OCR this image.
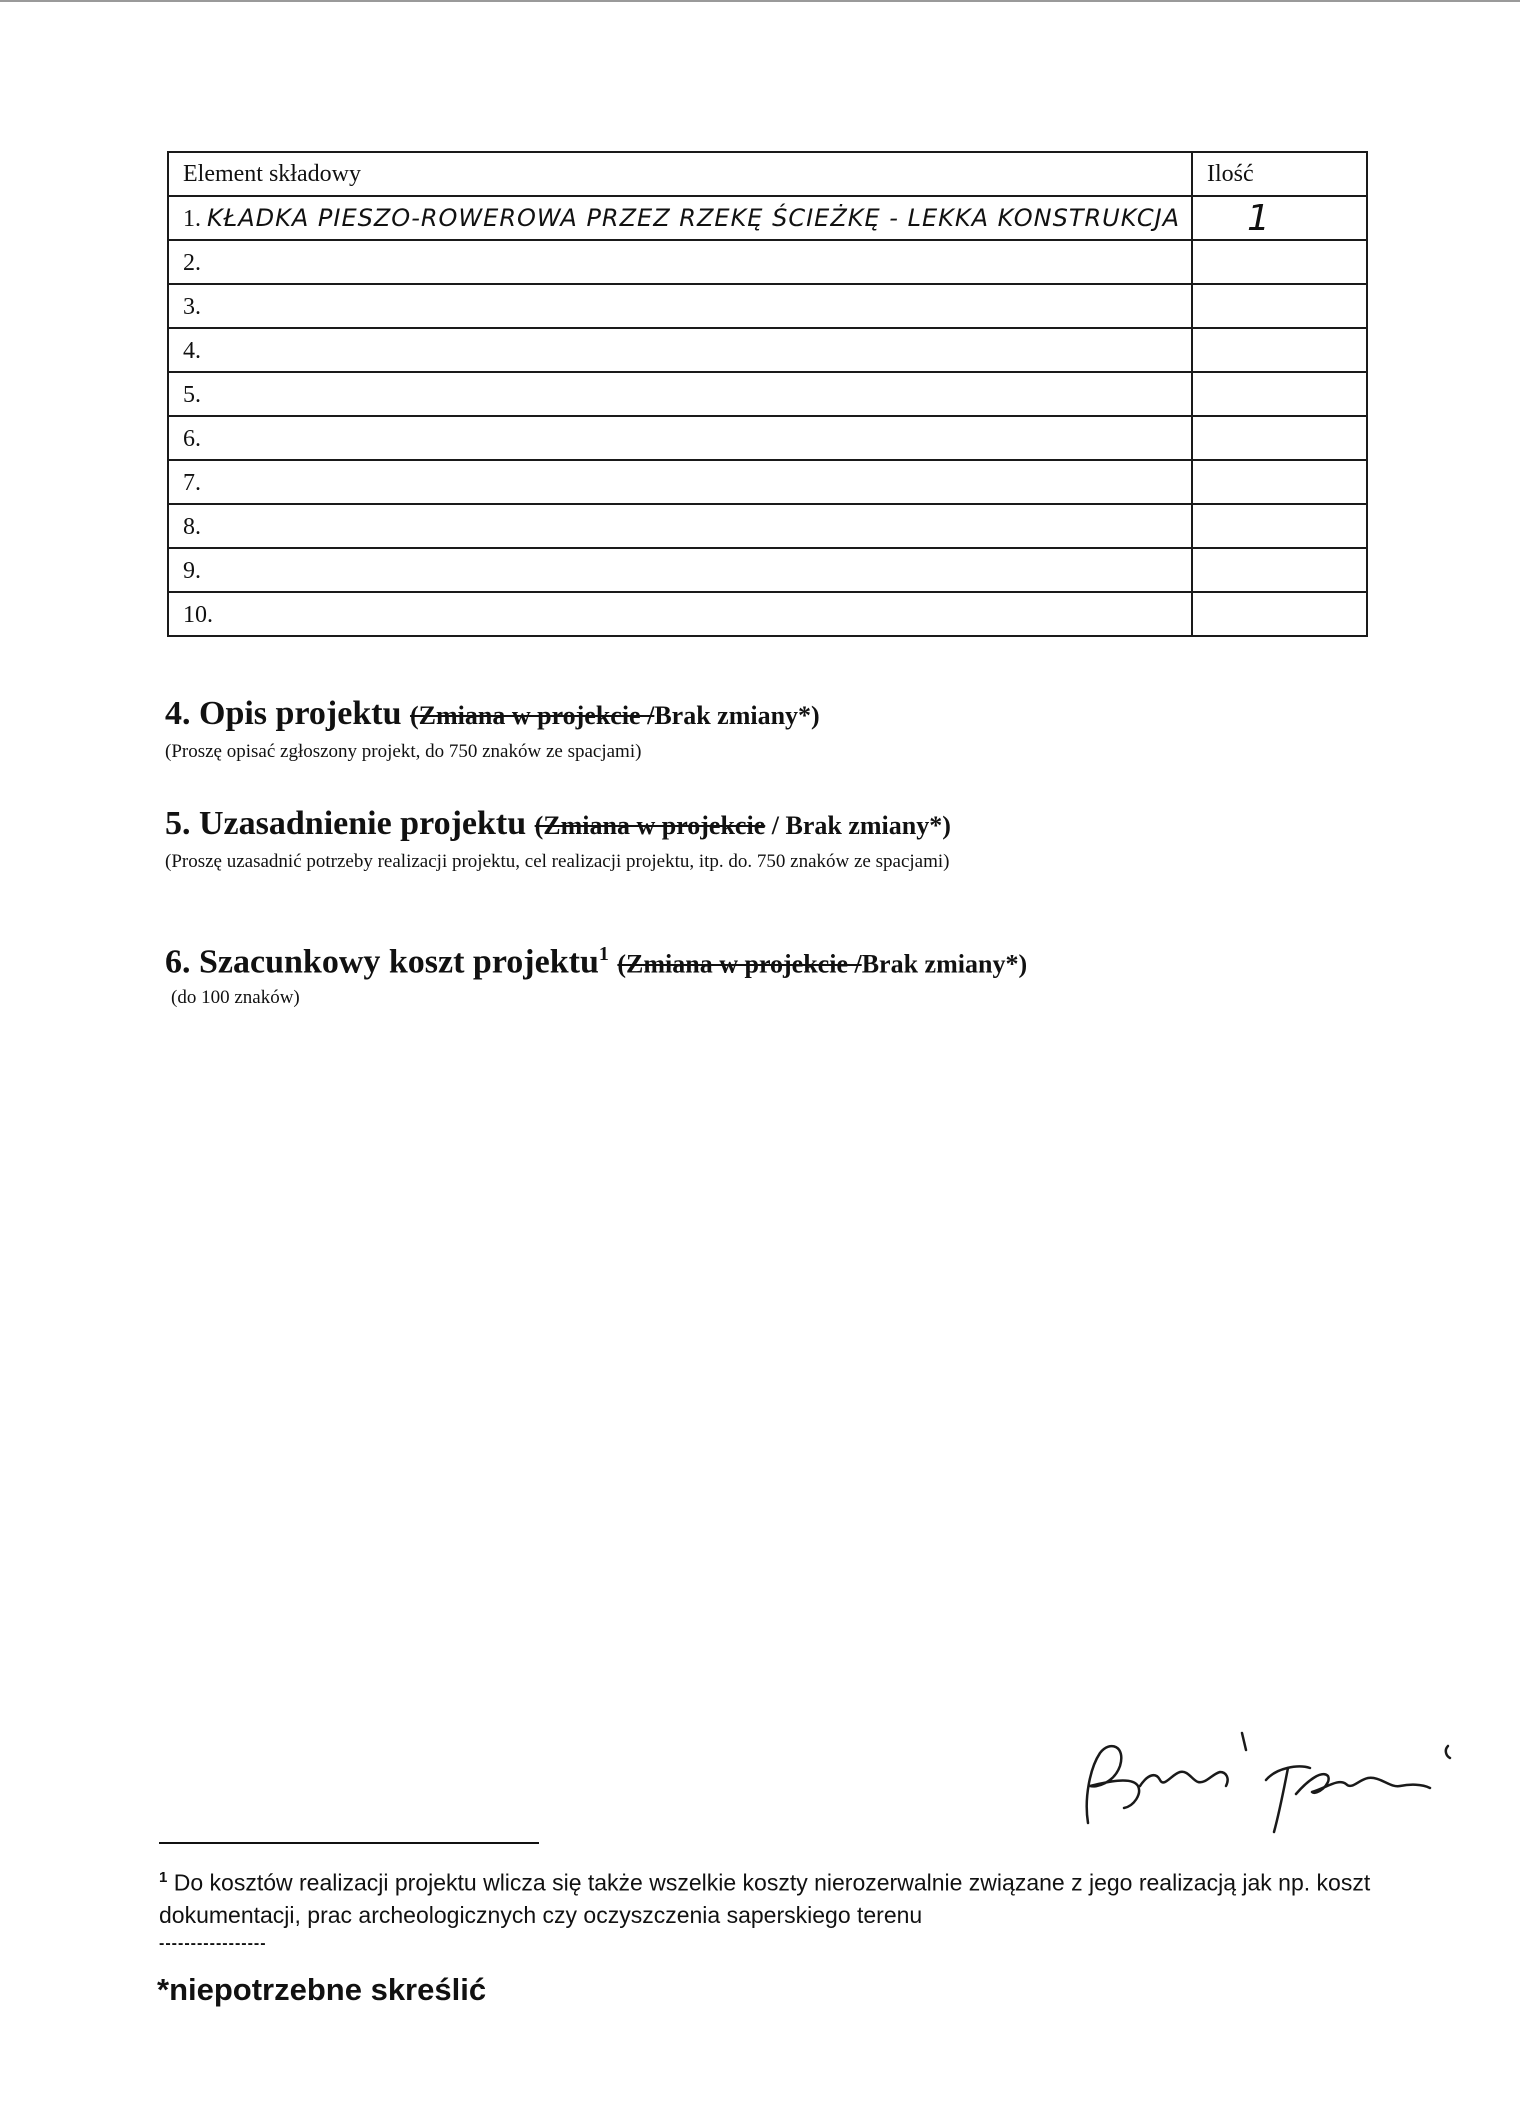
Element składowy	Ilość
1. KŁADKA PIESZO-ROWEROWA PRZEZ RZEKĘ ŚCIEŻKĘ - LEKKA KONSTRUKCJA	1
2.	
3.	
4.	
5.	
6.	
7.	
8.	
9.	
10.	
4. Opis projektu (Zmiana w projekcie /Brak zmiany*)
(Proszę opisać zgłoszony projekt, do 750 znaków ze spacjami)
5. Uzasadnienie projektu (Zmiana w projekcie / Brak zmiany*)
(Proszę uzasadnić potrzeby realizacji projektu, cel realizacji projektu, itp. do. 750 znaków ze spacjami)
6. Szacunkowy koszt projektu$^1$ (Zmiana w projekcie /Brak zmiany*)
(do 100 znaków)
$^1$ Do kosztów realizacji projektu wlicza się także wszelkie koszty nierozerwalnie związane z jego realizacją jak np. koszt dokumentacji, prac archeologicznych czy oczyszczenia saperskiego terenu
-----------------
*niepotrzebne skreślić
